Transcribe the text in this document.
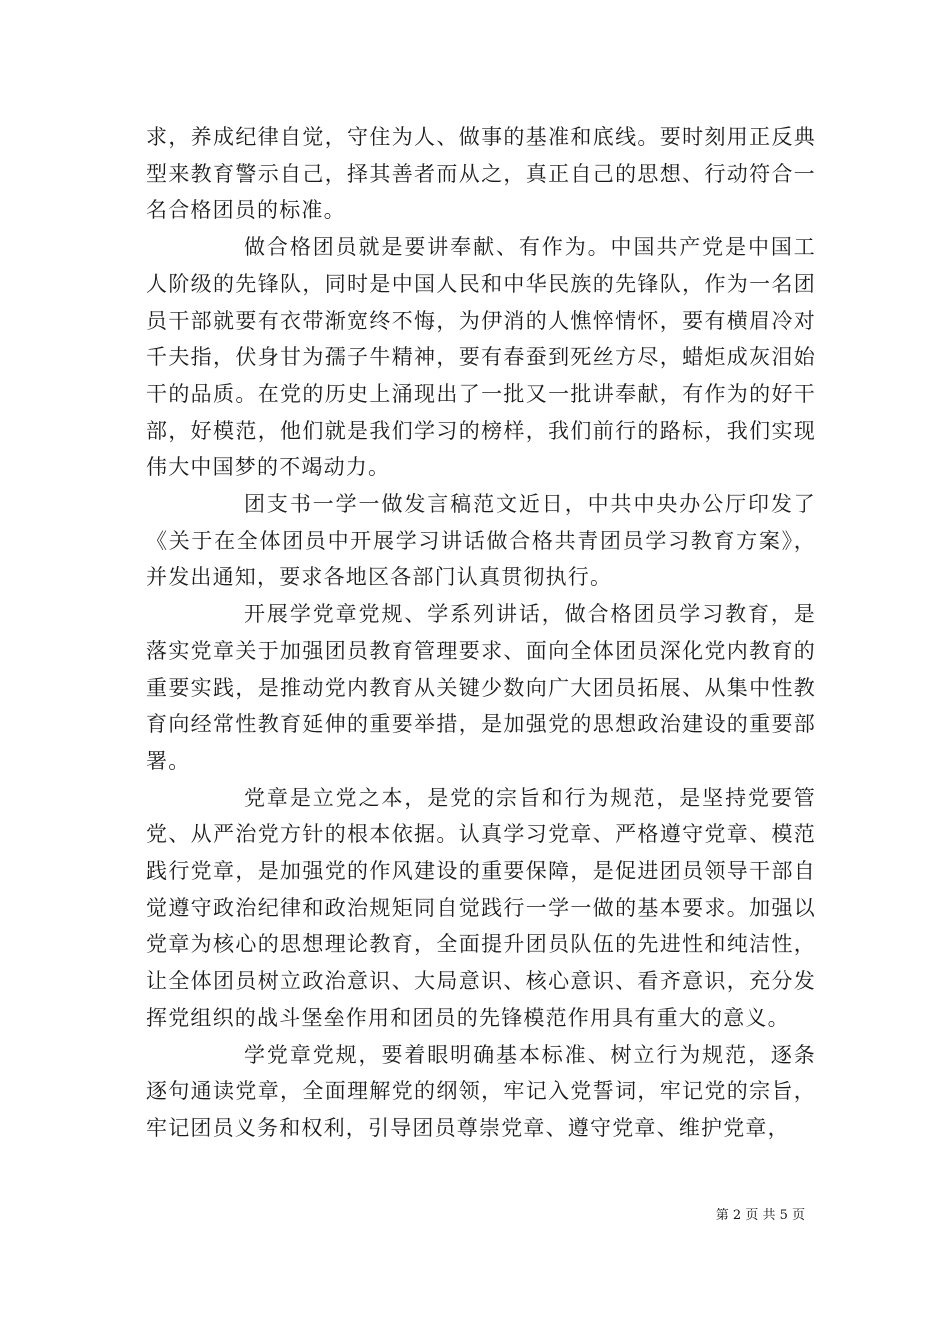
求，养成纪律自觉，守住为人、做事的基准和底线。要时刻用正反典型来教育警示自己，择其善者而从之，真正自己的思想、行动符合一名合格团员的标准。

做合格团员就是要讲奉献、有作为。中国共产党是中国工人阶级的先锋队，同时是中国人民和中华民族的先锋队，作为一名团员干部就要有衣带渐宽终不悔，为伊消的人憔悴情怀，要有横眉冷对千夫指，伏身甘为孺子牛精神，要有春蚕到死丝方尽，蜡炬成灰泪始干的品质。在党的历史上涌现出了一批又一批讲奉献，有作为的好干部，好模范，他们就是我们学习的榜样，我们前行的路标，我们实现伟大中国梦的不竭动力。

团支书一学一做发言稿范文近日，中共中央办公厅印发了《关于在全体团员中开展学习讲话做合格共青团员学习教育方案》，并发出通知，要求各地区各部门认真贯彻执行。

开展学党章党规、学系列讲话，做合格团员学习教育，是落实党章关于加强团员教育管理要求、面向全体团员深化党内教育的重要实践，是推动党内教育从关键少数向广大团员拓展、从集中性教育向经常性教育延伸的重要举措，是加强党的思想政治建设的重要部署。

党章是立党之本，是党的宗旨和行为规范，是坚持党要管党、从严治党方针的根本依据。认真学习党章、严格遵守党章、模范践行党章，是加强党的作风建设的重要保障，是促进团员领导干部自觉遵守政治纪律和政治规矩同自觉践行一学一做的基本要求。加强以党章为核心的思想理论教育，全面提升团员队伍的先进性和纯洁性，让全体团员树立政治意识、大局意识、核心意识、看齐意识，充分发挥党组织的战斗堡垒作用和团员的先锋模范作用具有重大的意义。

学党章党规，要着眼明确基本标准、树立行为规范，逐条逐句通读党章，全面理解党的纲领，牢记入党誓词，牢记党的宗旨，牢记团员义务和权利，引导团员尊崇党章、遵守党章、维护党章，

第 2 页 共 5 页
